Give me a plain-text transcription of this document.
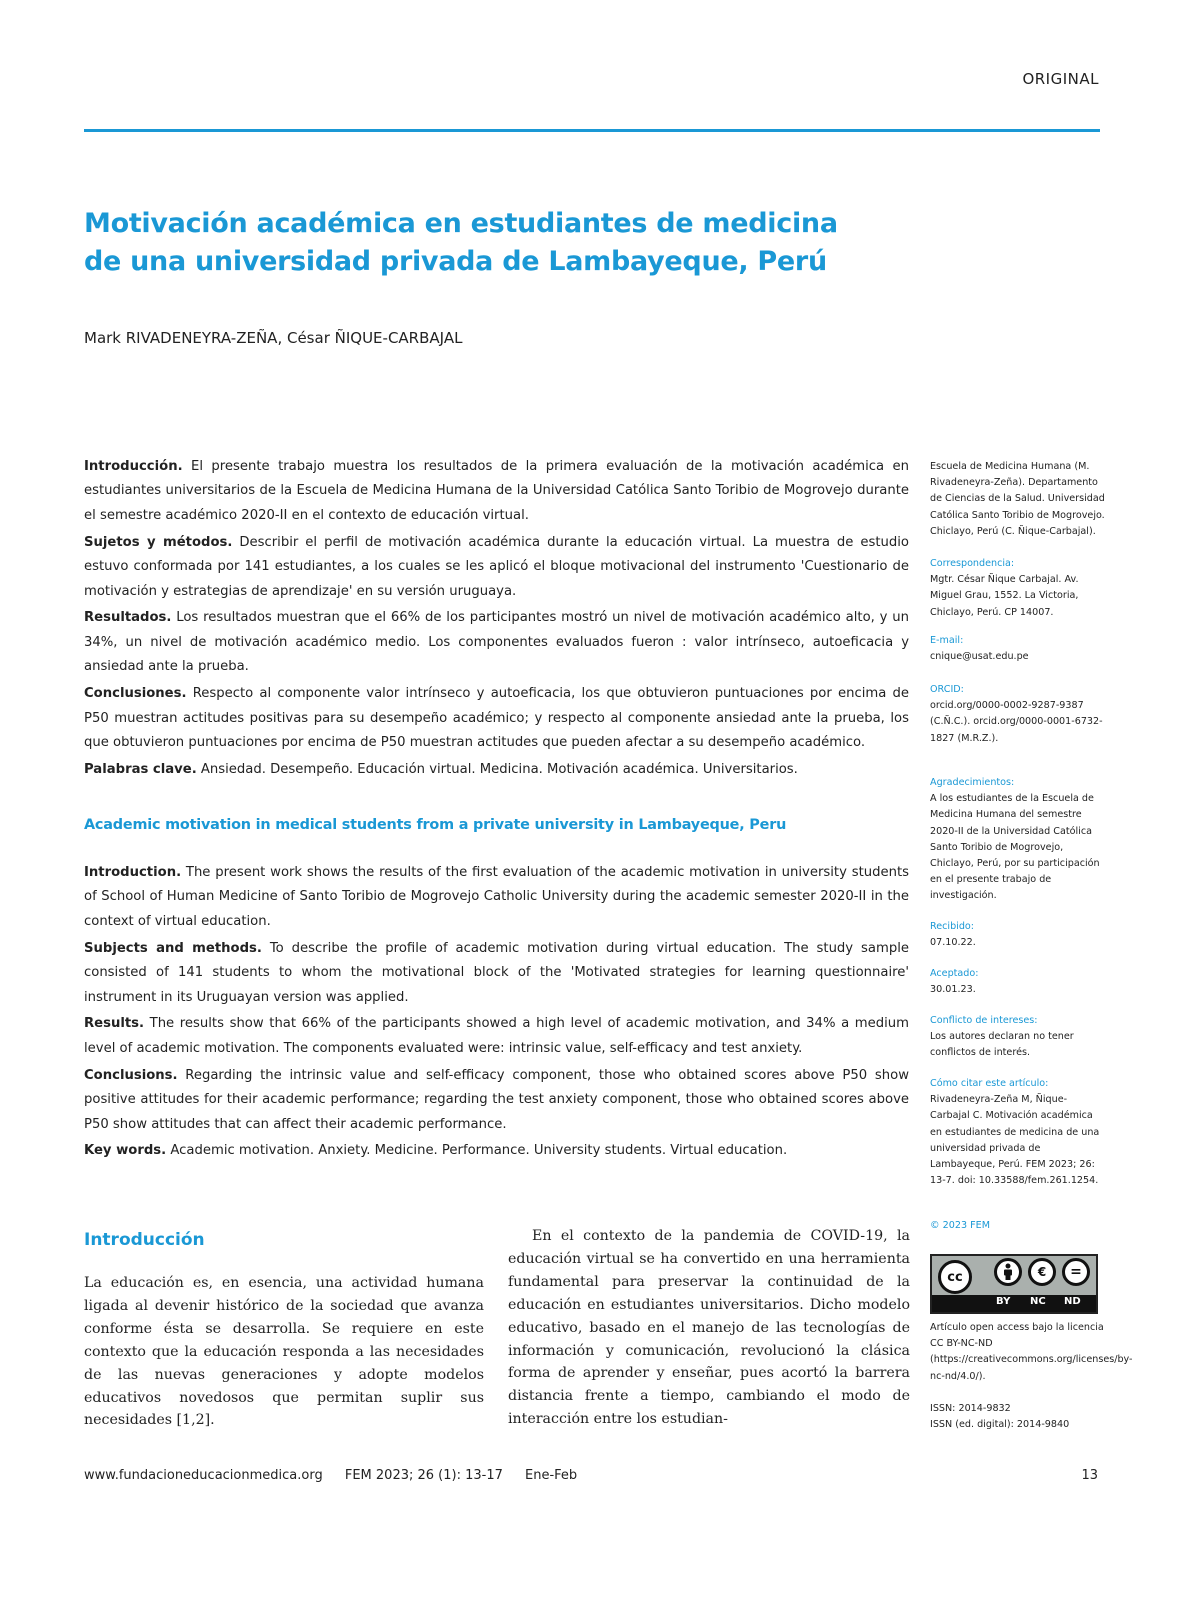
ORIGINAL
Motivación académica en estudiantes de medicina
de una universidad privada de Lambayeque, Perú
Mark RIVADENEYRA-ZEÑA, César ÑIQUE-CARBAJAL

Introducción. El presente trabajo muestra los resultados de la primera evaluación de la motivación académica en estudiantes universitarios de la Escuela de Medicina Humana de la Universidad Católica Santo Toribio de Mogrovejo durante el semestre académico 2020-II en el contexto de educación virtual.

Sujetos y métodos. Describir el perfil de motivación académica durante la educación virtual. La muestra de estudio estuvo conformada por 141 estudiantes, a los cuales se les aplicó el bloque motivacional del instrumento 'Cuestionario de motivación y estrategias de aprendizaje' en su versión uruguaya.

Resultados. Los resultados muestran que el 66% de los participantes mostró un nivel de motivación académico alto, y un 34%, un nivel de motivación académico medio. Los componentes evaluados fueron : valor intrínseco, autoeficacia y ansiedad ante la prueba.

Conclusiones. Respecto al componente valor intrínseco y autoeficacia, los que obtuvieron puntuaciones por encima de P50 muestran actitudes positivas para su desempeño académico; y respecto al componente ansiedad ante la prueba, los que obtuvieron puntuaciones por encima de P50 muestran actitudes que pueden afectar a su desempeño académico.

Palabras clave. Ansiedad. Desempeño. Educación virtual. Medicina. Motivación académica. Universitarios.

Academic motivation in medical students from a private university in Lambayeque, Peru

Introduction. The present work shows the results of the first evaluation of the academic motivation in university students of School of Human Medicine of Santo Toribio de Mogrovejo Catholic University during the academic semester 2020-II in the context of virtual education.

Subjects and methods. To describe the profile of academic motivation during virtual education. The study sample consisted of 141 students to whom the motivational block of the 'Motivated strategies for learning questionnaire' instrument in its Uruguayan version was applied.

Results. The results show that 66% of the participants showed a high level of academic motivation, and 34% a medium level of academic motivation. The components evaluated were: intrinsic value, self-efficacy and test anxiety.

Conclusions. Regarding the intrinsic value and self-efficacy component, those who obtained scores above P50 show positive attitudes for their academic performance; regarding the test anxiety component, those who obtained scores above P50 show attitudes that can affect their academic performance.

Key words. Academic motivation. Anxiety. Medicine. Performance. University students. Virtual education.

Escuela de Medicina Humana (M. Rivadeneyra-Zeña). Departamento de Ciencias de la Salud. Universidad Católica Santo Toribio de Mogrovejo. Chiclayo, Perú (C. Ñique-Carbajal).
Correspondencia:
Mgtr. César Ñique Carbajal. Av. Miguel Grau, 1552. La Victoria, Chiclayo, Perú. CP 14007.
E-mail:
cnique@usat.edu.pe
ORCID:
orcid.org/0000-0002-9287-9387 (C.Ñ.C.). orcid.org/0000-0001-6732-1827 (M.R.Z.).
Agradecimientos:
A los estudiantes de la Escuela de Medicina Humana del semestre 2020-II de la Universidad Católica Santo Toribio de Mogrovejo, Chiclayo, Perú, por su participación en el presente trabajo de investigación.
Recibido:
07.10.22.
Aceptado:
30.01.23.
Conflicto de intereses:
Los autores declaran no tener conflictos de interés.
Cómo citar este artículo:
Rivadeneyra-Zeña M, Ñique-Carbajal C. Motivación académica en estudiantes de medicina de una universidad privada de Lambayeque, Perú. FEM 2023; 26: 13-7. doi: 10.33588/fem.261.1254.
© 2023 FEM
Artículo open access bajo la licencia CC BY-NC-ND (https://creativecommons.org/licenses/by-nc-nd/4.0/).
ISSN: 2014-9832
ISSN (ed. digital): 2014-9840
cc	€	=
BY NC ND
Introducción
La educación es, en esencia, una actividad humana ligada al devenir histórico de la sociedad que avanza conforme ésta se desarrolla. Se requiere en este contexto que la educación responda a las necesidades de las nuevas generaciones y adopte modelos educativos novedosos que permitan suplir sus necesidades [1,2].
En el contexto de la pandemia de COVID-19, la educación virtual se ha convertido en una herramienta fundamental para preservar la continuidad de la educación en estudiantes universitarios. Dicho modelo educativo, basado en el manejo de las tecnologías de información y comunicación, revolucionó la clásica forma de aprender y enseñar, pues acortó la barrera distancia frente a tiempo, cambiando el modo de interacción entre los estudian-
www.fundacioneducacionmedica.org FEM 2023; 26 (1): 13-17 Ene-Feb	13
